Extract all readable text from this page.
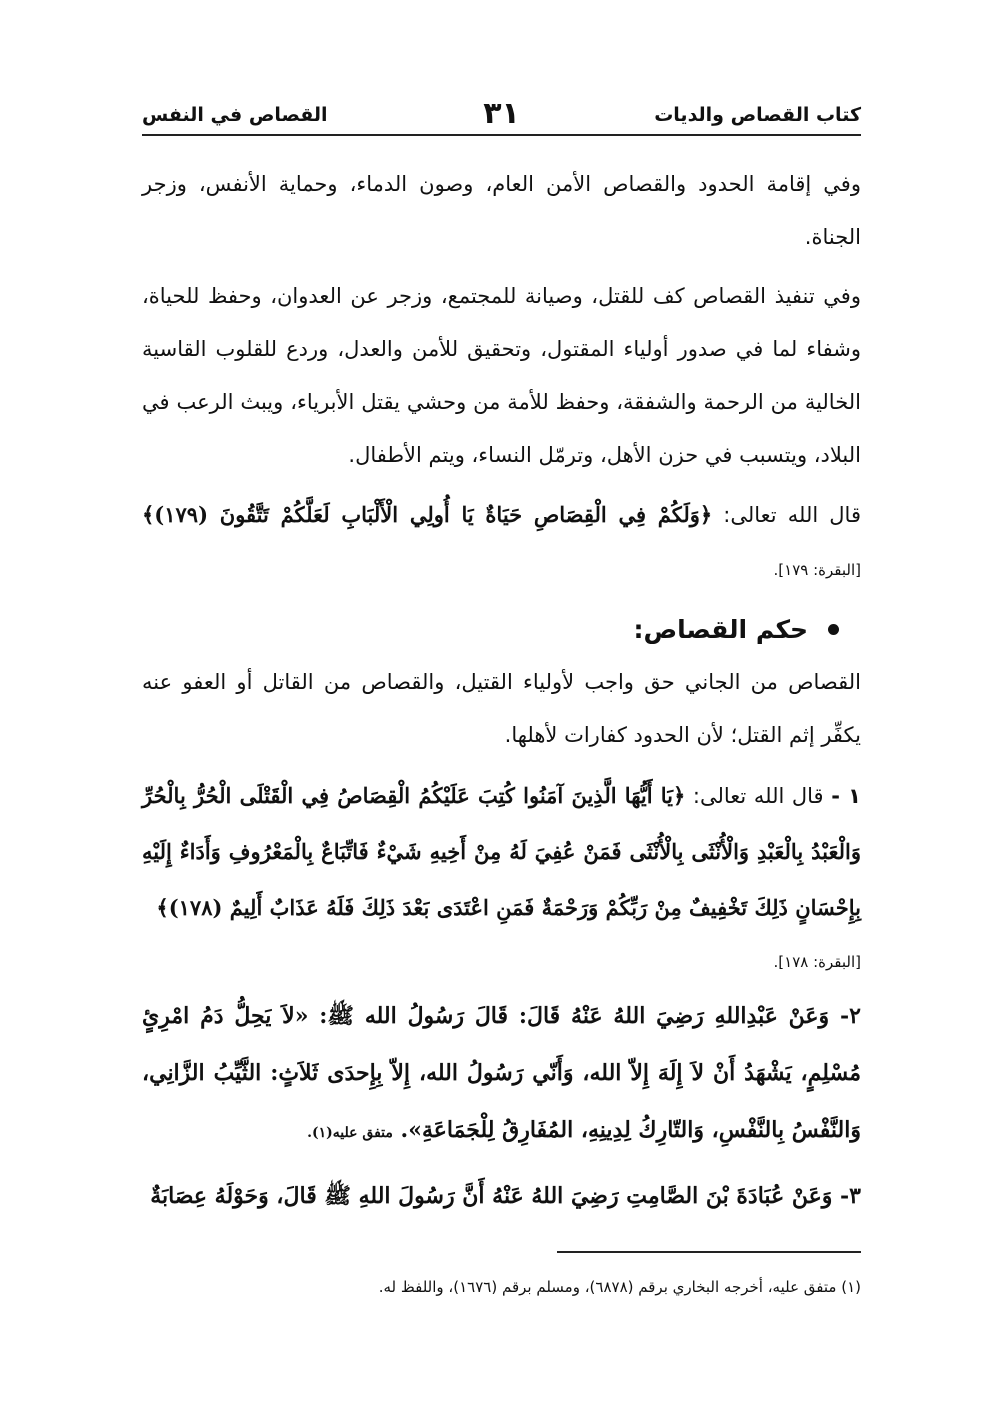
كتاب القصاص والديات
٣١
القصاص في النفس

وفي إقامة الحدود والقصاص الأمن العام، وصون الدماء، وحماية الأنفس، وزجر الجناة.

وفي تنفيذ القصاص كف للقتل، وصيانة للمجتمع، وزجر عن العدوان، وحفظ للحياة، وشفاء لما في صدور أولياء المقتول، وتحقيق للأمن والعدل، وردع للقلوب القاسية الخالية من الرحمة والشفقة، وحفظ للأمة من وحشي يقتل الأبرياء، ويبث الرعب في البلاد، ويتسبب في حزن الأهل، وترمّل النساء، ويتم الأطفال.

قال الله تعالى: ﴿وَلَكُمْ فِي الْقِصَاصِ حَيَاةٌ يَا أُولِي الْأَلْبَابِ لَعَلَّكُمْ تَتَّقُونَ (١٧٩)﴾ [البقرة: ١٧٩].

حكم القصاص:

القصاص من الجاني حق واجب لأولياء القتيل، والقصاص من القاتل أو العفو عنه يكفِّر إثم القتل؛ لأن الحدود كفارات لأهلها.

١ - قال الله تعالى: ﴿يَا أَيُّهَا الَّذِينَ آمَنُوا كُتِبَ عَلَيْكُمُ الْقِصَاصُ فِي الْقَتْلَى الْحُرُّ بِالْحُرِّ وَالْعَبْدُ بِالْعَبْدِ وَالْأُنْثَى بِالْأُنْثَى فَمَنْ عُفِيَ لَهُ مِنْ أَخِيهِ شَيْءٌ فَاتِّبَاعٌ بِالْمَعْرُوفِ وَأَدَاءٌ إِلَيْهِ بِإِحْسَانٍ ذَلِكَ تَخْفِيفٌ مِنْ رَبِّكُمْ وَرَحْمَةٌ فَمَنِ اعْتَدَى بَعْدَ ذَلِكَ فَلَهُ عَذَابٌ أَلِيمٌ (١٧٨)﴾

[البقرة: ١٧٨].

٢- وَعَنْ عَبْدِاللهِ رَضِيَ اللهُ عَنْهُ قَالَ: قَالَ رَسُولُ الله ﷺ: «لاَ يَحِلُّ دَمُ امْرِئٍ مُسْلِمٍ، يَشْهَدُ أَنْ لاَ إِلَهَ إِلاّ الله، وَأَنّي رَسُولُ الله، إِلاّ بِإِحدَى ثَلاَثٍ: الثَّيِّبُ الزَّانِي، وَالنَّفْسُ بِالنَّفْسِ، وَالتّارِكُ لِدِينِهِ، المُفَارِقُ لِلْجَمَاعَةِ». متفق عليه(١).

٣- وَعَنْ عُبَادَةَ بْنَ الصَّامِتِ رَضِيَ اللهُ عَنْهُ أَنَّ رَسُولَ اللهِ ﷺ قَالَ، وَحَوْلَهُ عِصَابَةٌ

(١) متفق عليه، أخرجه البخاري برقم (٦٨٧٨)، ومسلم برقم (١٦٧٦)، واللفظ له.
